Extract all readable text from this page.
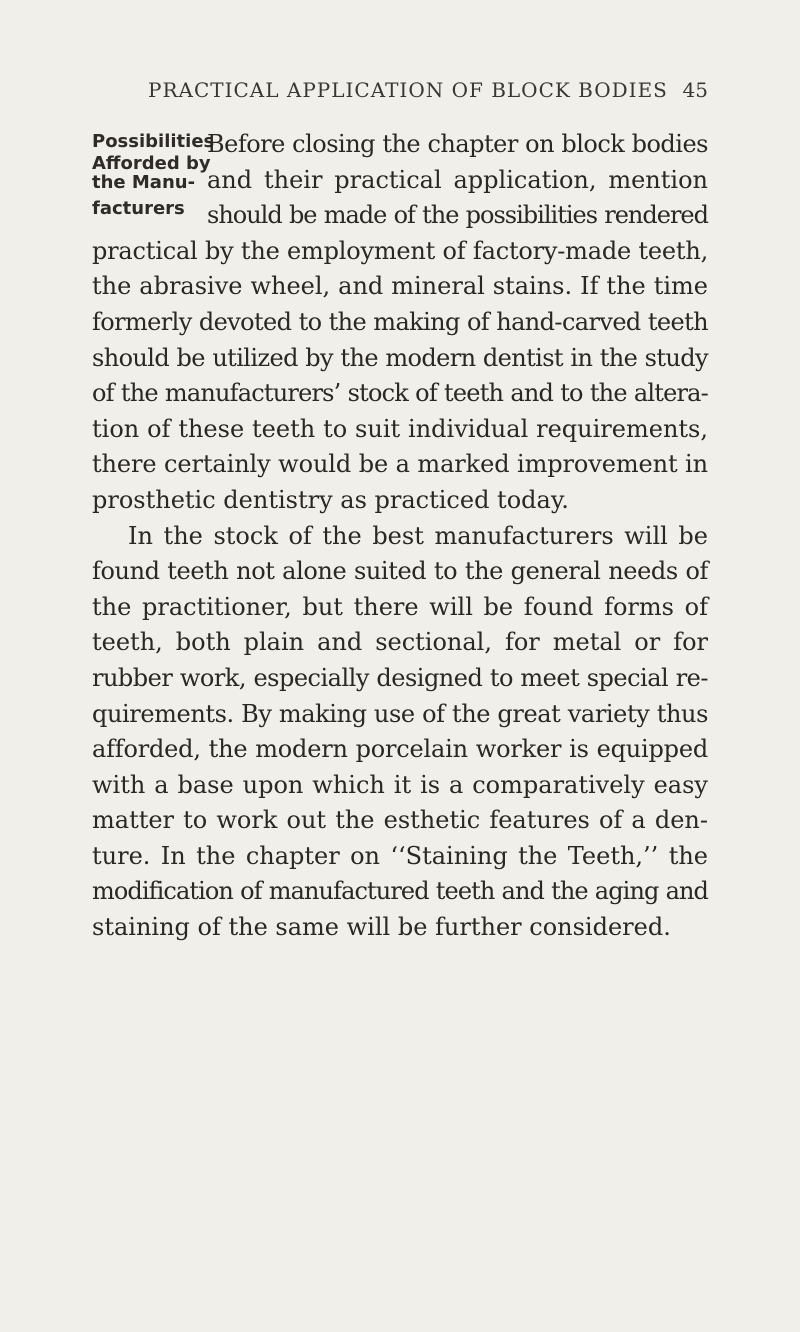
PRACTICAL APPLICATION OF BLOCK BODIES 45
Possibilities
Afforded by
the Manu-
facturers

Before closing the chapter on block bodies
and their practical application, mention
should be made of the possibilities rendered
practical by the employment of factory-made teeth,
the abrasive wheel, and mineral stains. If the time
formerly devoted to the making of hand-carved teeth
should be utilized by the modern dentist in the study
of the manufacturers’ stock of teeth and to the altera-
tion of these teeth to suit individual requirements,
there certainly would be a marked improvement in
prosthetic dentistry as practiced today.

In the stock of the best manufacturers will be
found teeth not alone suited to the general needs of
the practitioner, but there will be found forms of
teeth, both plain and sectional, for metal or for
rubber work, especially designed to meet special re-
quirements. By making use of the great variety thus
afforded, the modern porcelain worker is equipped
with a base upon which it is a comparatively easy
matter to work out the esthetic features of a den-
ture. In the chapter on ‘‘Staining the Teeth,’’ the
modification of manufactured teeth and the aging and
staining of the same will be further considered.
